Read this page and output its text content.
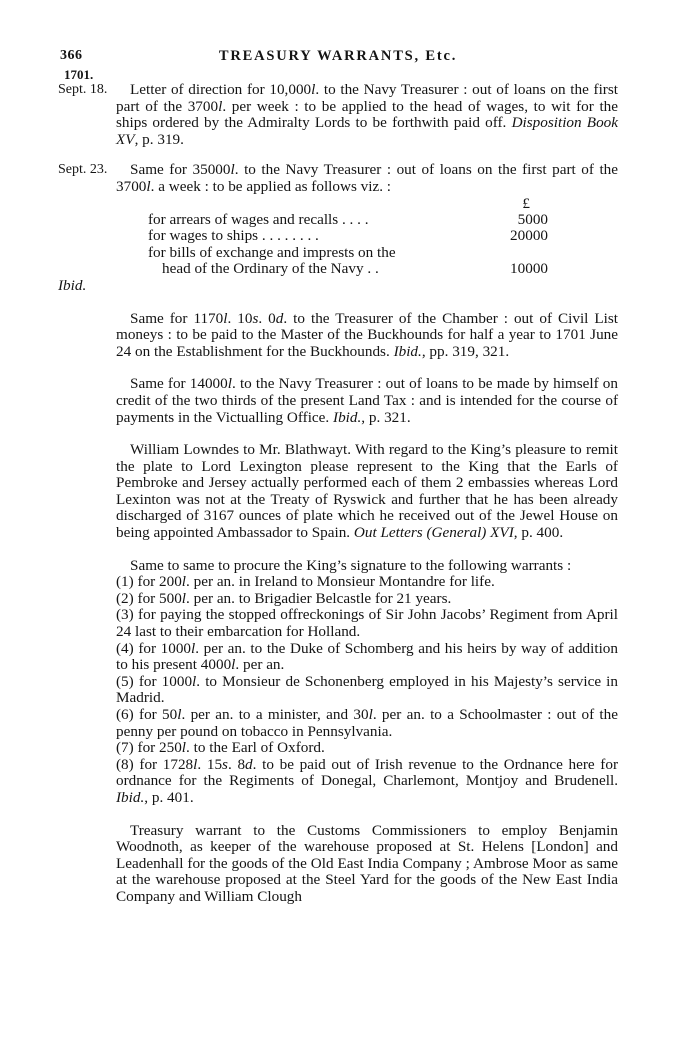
366	TREASURY WARRANTS, Etc.
1701.
Sept. 18.	Letter of direction for 10,000l. to the Navy Treasurer : out of loans on the first part of the 3700l. per week : to be applied to the head of wages, to wit for the ships ordered by the Admiralty Lords to be forthwith paid off. Disposition Book XV, p. 319.

Sept. 23.	Same for 35000l. to the Navy Treasurer : out of loans on the first part of the 3700l. a week : to be applied as follows viz. :

£
for arrears of wages and recalls . . . .	5000
for wages to ships . . . . . . . .	20000
for bills of exchange and imprests on the
head of the Ordinary of the Navy . .	10000
Ibid.

Same for 1170l. 10s. 0d. to the Treasurer of the Chamber : out of Civil List moneys : to be paid to the Master of the Buckhounds for half a year to 1701 June 24 on the Establishment for the Buckhounds. Ibid., pp. 319, 321.

Same for 14000l. to the Navy Treasurer : out of loans to be made by himself on credit of the two thirds of the present Land Tax : and is intended for the course of payments in the Victualling Office. Ibid., p. 321.

William Lowndes to Mr. Blathwayt. With regard to the King’s pleasure to remit the plate to Lord Lexington please represent to the King that the Earls of Pembroke and Jersey actually performed each of them 2 embassies whereas Lord Lexinton was not at the Treaty of Ryswick and further that he has been already discharged of 3167 ounces of plate which he received out of the Jewel House on being appointed Ambassador to Spain. Out Letters (General) XVI, p. 400.

Same to same to procure the King’s signature to the following warrants :

(1) for 200l. per an. in Ireland to Monsieur Montandre for life.
(2) for 500l. per an. to Brigadier Belcastle for 21 years.
(3) for paying the stopped offreckonings of Sir John Jacobs’ Regiment from April 24 last to their embarcation for Holland.
(4) for 1000l. per an. to the Duke of Schomberg and his heirs by way of addition to his present 4000l. per an.
(5) for 1000l. to Monsieur de Schonenberg employed in his Majesty’s service in Madrid.
(6) for 50l. per an. to a minister, and 30l. per an. to a Schoolmaster : out of the penny per pound on tobacco in Pennsylvania.
(7) for 250l. to the Earl of Oxford.
(8) for 1728l. 15s. 8d. to be paid out of Irish revenue to the Ordnance here for ordnance for the Regiments of Donegal, Charlemont, Montjoy and Brudenell. Ibid., p. 401.

Treasury warrant to the Customs Commissioners to employ Benjamin Woodnoth, as keeper of the warehouse proposed at St. Helens [London] and Leadenhall for the goods of the Old East India Company ; Ambrose Moor as same at the warehouse proposed at the Steel Yard for the goods of the New East India Company and William Clough
